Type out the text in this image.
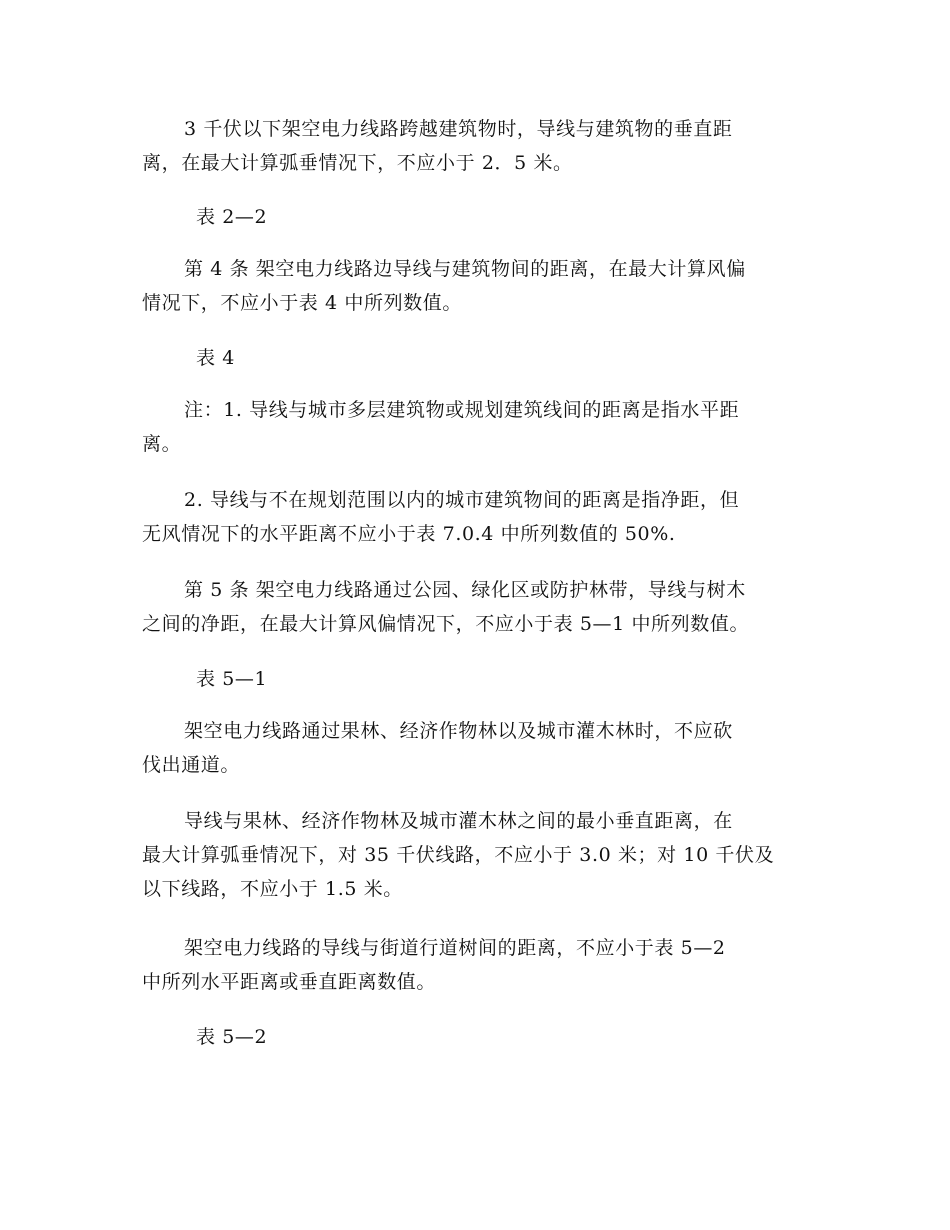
3 千伏以下架空电力线路跨越建筑物时，导线与建筑物的垂直距
离，在最大计算弧垂情况下，不应小于 2．5 米。

表 2—2

第 4 条 架空电力线路边导线与建筑物间的距离，在最大计算风偏
情况下，不应小于表 4 中所列数值。

表 4

注：1. 导线与城市多层建筑物或规划建筑线间的距离是指水平距
离。

2. 导线与不在规划范围以内的城市建筑物间的距离是指净距，但
无风情况下的水平距离不应小于表 7.0.4 中所列数值的 50%.

第 5 条 架空电力线路通过公园、绿化区或防护林带，导线与树木
之间的净距，在最大计算风偏情况下，不应小于表 5—1 中所列数值。

表 5—1

架空电力线路通过果林、经济作物林以及城市灌木林时，不应砍
伐出通道。

导线与果林、经济作物林及城市灌木林之间的最小垂直距离，在
最大计算弧垂情况下，对 35 千伏线路，不应小于 3.0 米；对 10 千伏及
以下线路，不应小于 1.5 米。

架空电力线路的导线与街道行道树间的距离，不应小于表 5—2
中所列水平距离或垂直距离数值。

表 5—2
